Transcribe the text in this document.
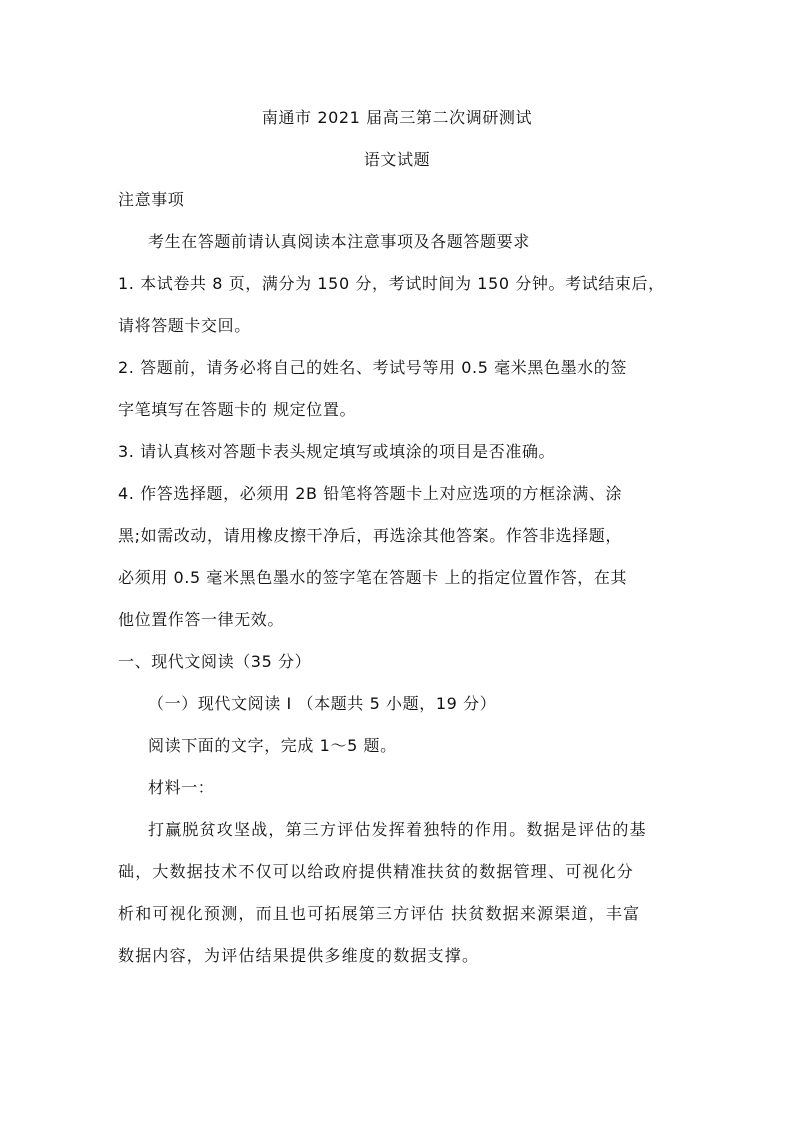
南通市 2021 届高三第二次调研测试
语文试题
注意事项
考生在答题前请认真阅读本注意事项及各题答题要求
1. 本试卷共 8 页，满分为 150 分，考试时间为 150 分钟。考试结束后，
请将答题卡交回。
2. 答题前，请务必将自己的姓名、考试号等用 0.5 毫米黑色墨水的签
字笔填写在答题卡的 规定位置。
3. 请认真核对答题卡表头规定填写或填涂的项目是否准确。
4. 作答选择题，必须用 2B 铅笔将答题卡上对应选项的方框涂满、涂
黑;如需改动，请用橡皮擦干净后，再选涂其他答案。作答非选择题，
必须用 0.5 毫米黑色墨水的签字笔在答题卡 上的指定位置作答，在其
他位置作答一律无效。
一、现代文阅读（35 分）
（一）现代文阅读 I （本题共 5 小题，19 分）
阅读下面的文字，完成 1～5 题。
材料一：
打赢脱贫攻坚战，第三方评估发挥着独特的作用。数据是评估的基
础，大数据技术不仅可以给政府提供精准扶贫的数据管理、可视化分
析和可视化预测，而且也可拓展第三方评估 扶贫数据来源渠道，丰富
数据内容，为评估结果提供多维度的数据支撑。
